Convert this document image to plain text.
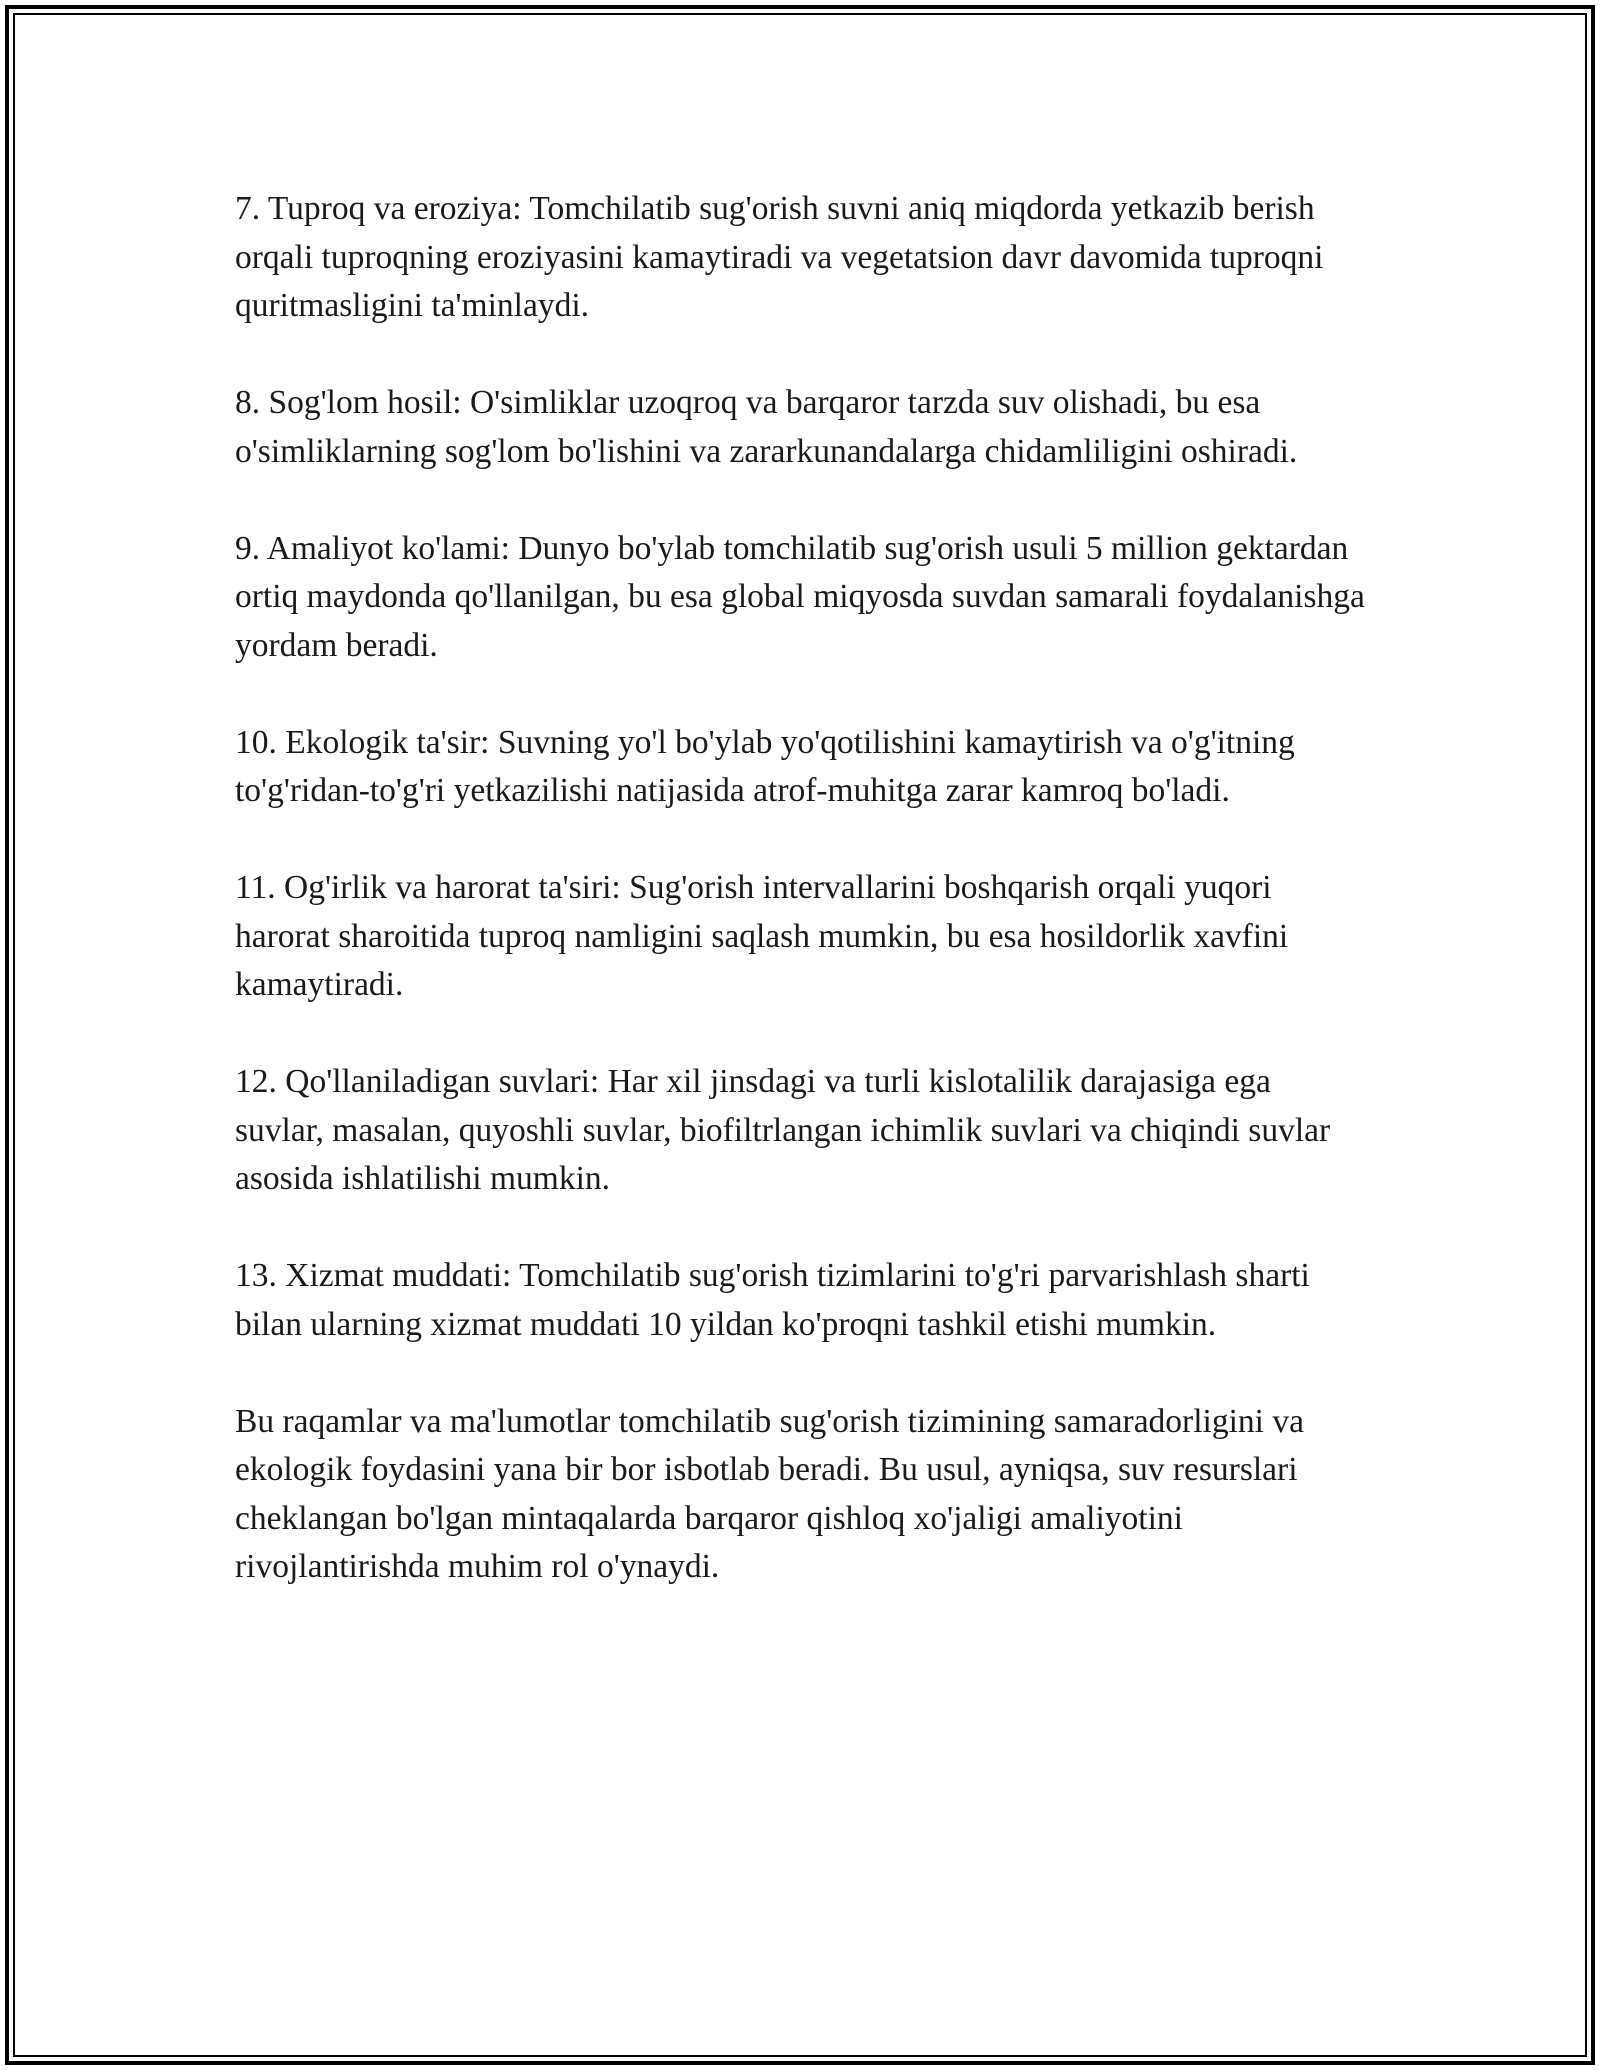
7. Tuproq va eroziya: Tomchilatib sug'orish suvni aniq miqdorda yetkazib berish orqali tuproqning eroziyasini kamaytiradi va vegetatsion davr davomida tuproqni quritmasligini ta'minlaydi.

8. Sog'lom hosil: O'simliklar uzoqroq va barqaror tarzda suv olishadi, bu esa o'simliklarning sog'lom bo'lishini va zararkunandalarga chidamliligini oshiradi.

9. Amaliyot ko'lami: Dunyo bo'ylab tomchilatib sug'orish usuli 5 million gektardan ortiq maydonda qo'llanilgan, bu esa global miqyosda suvdan samarali foydalanishga yordam beradi.

10. Ekologik ta'sir: Suvning yo'l bo'ylab yo'qotilishini kamaytirish va o'g'itning to'g'ridan-to'g'ri yetkazilishi natijasida atrof-muhitga zarar kamroq bo'ladi.

11. Og'irlik va harorat ta'siri: Sug'orish intervallarini boshqarish orqali yuqori harorat sharoitida tuproq namligini saqlash mumkin, bu esa hosildorlik xavfini kamaytiradi.

12. Qo'llaniladigan suvlari: Har xil jinsdagi va turli kislotalilik darajasiga ega suvlar, masalan, quyoshli suvlar, biofiltrlangan ichimlik suvlari va chiqindi suvlar asosida ishlatilishi mumkin.

13. Xizmat muddati: Tomchilatib sug'orish tizimlarini to'g'ri parvarishlash sharti bilan ularning xizmat muddati 10 yildan ko'proqni tashkil etishi mumkin.

Bu raqamlar va ma'lumotlar tomchilatib sug'orish tizimining samaradorligini va ekologik foydasini yana bir bor isbotlab beradi. Bu usul, ayniqsa, suv resurslari cheklangan bo'lgan mintaqalarda barqaror qishloq xo'jaligi amaliyotini rivojlantirishda muhim rol o'ynaydi.
